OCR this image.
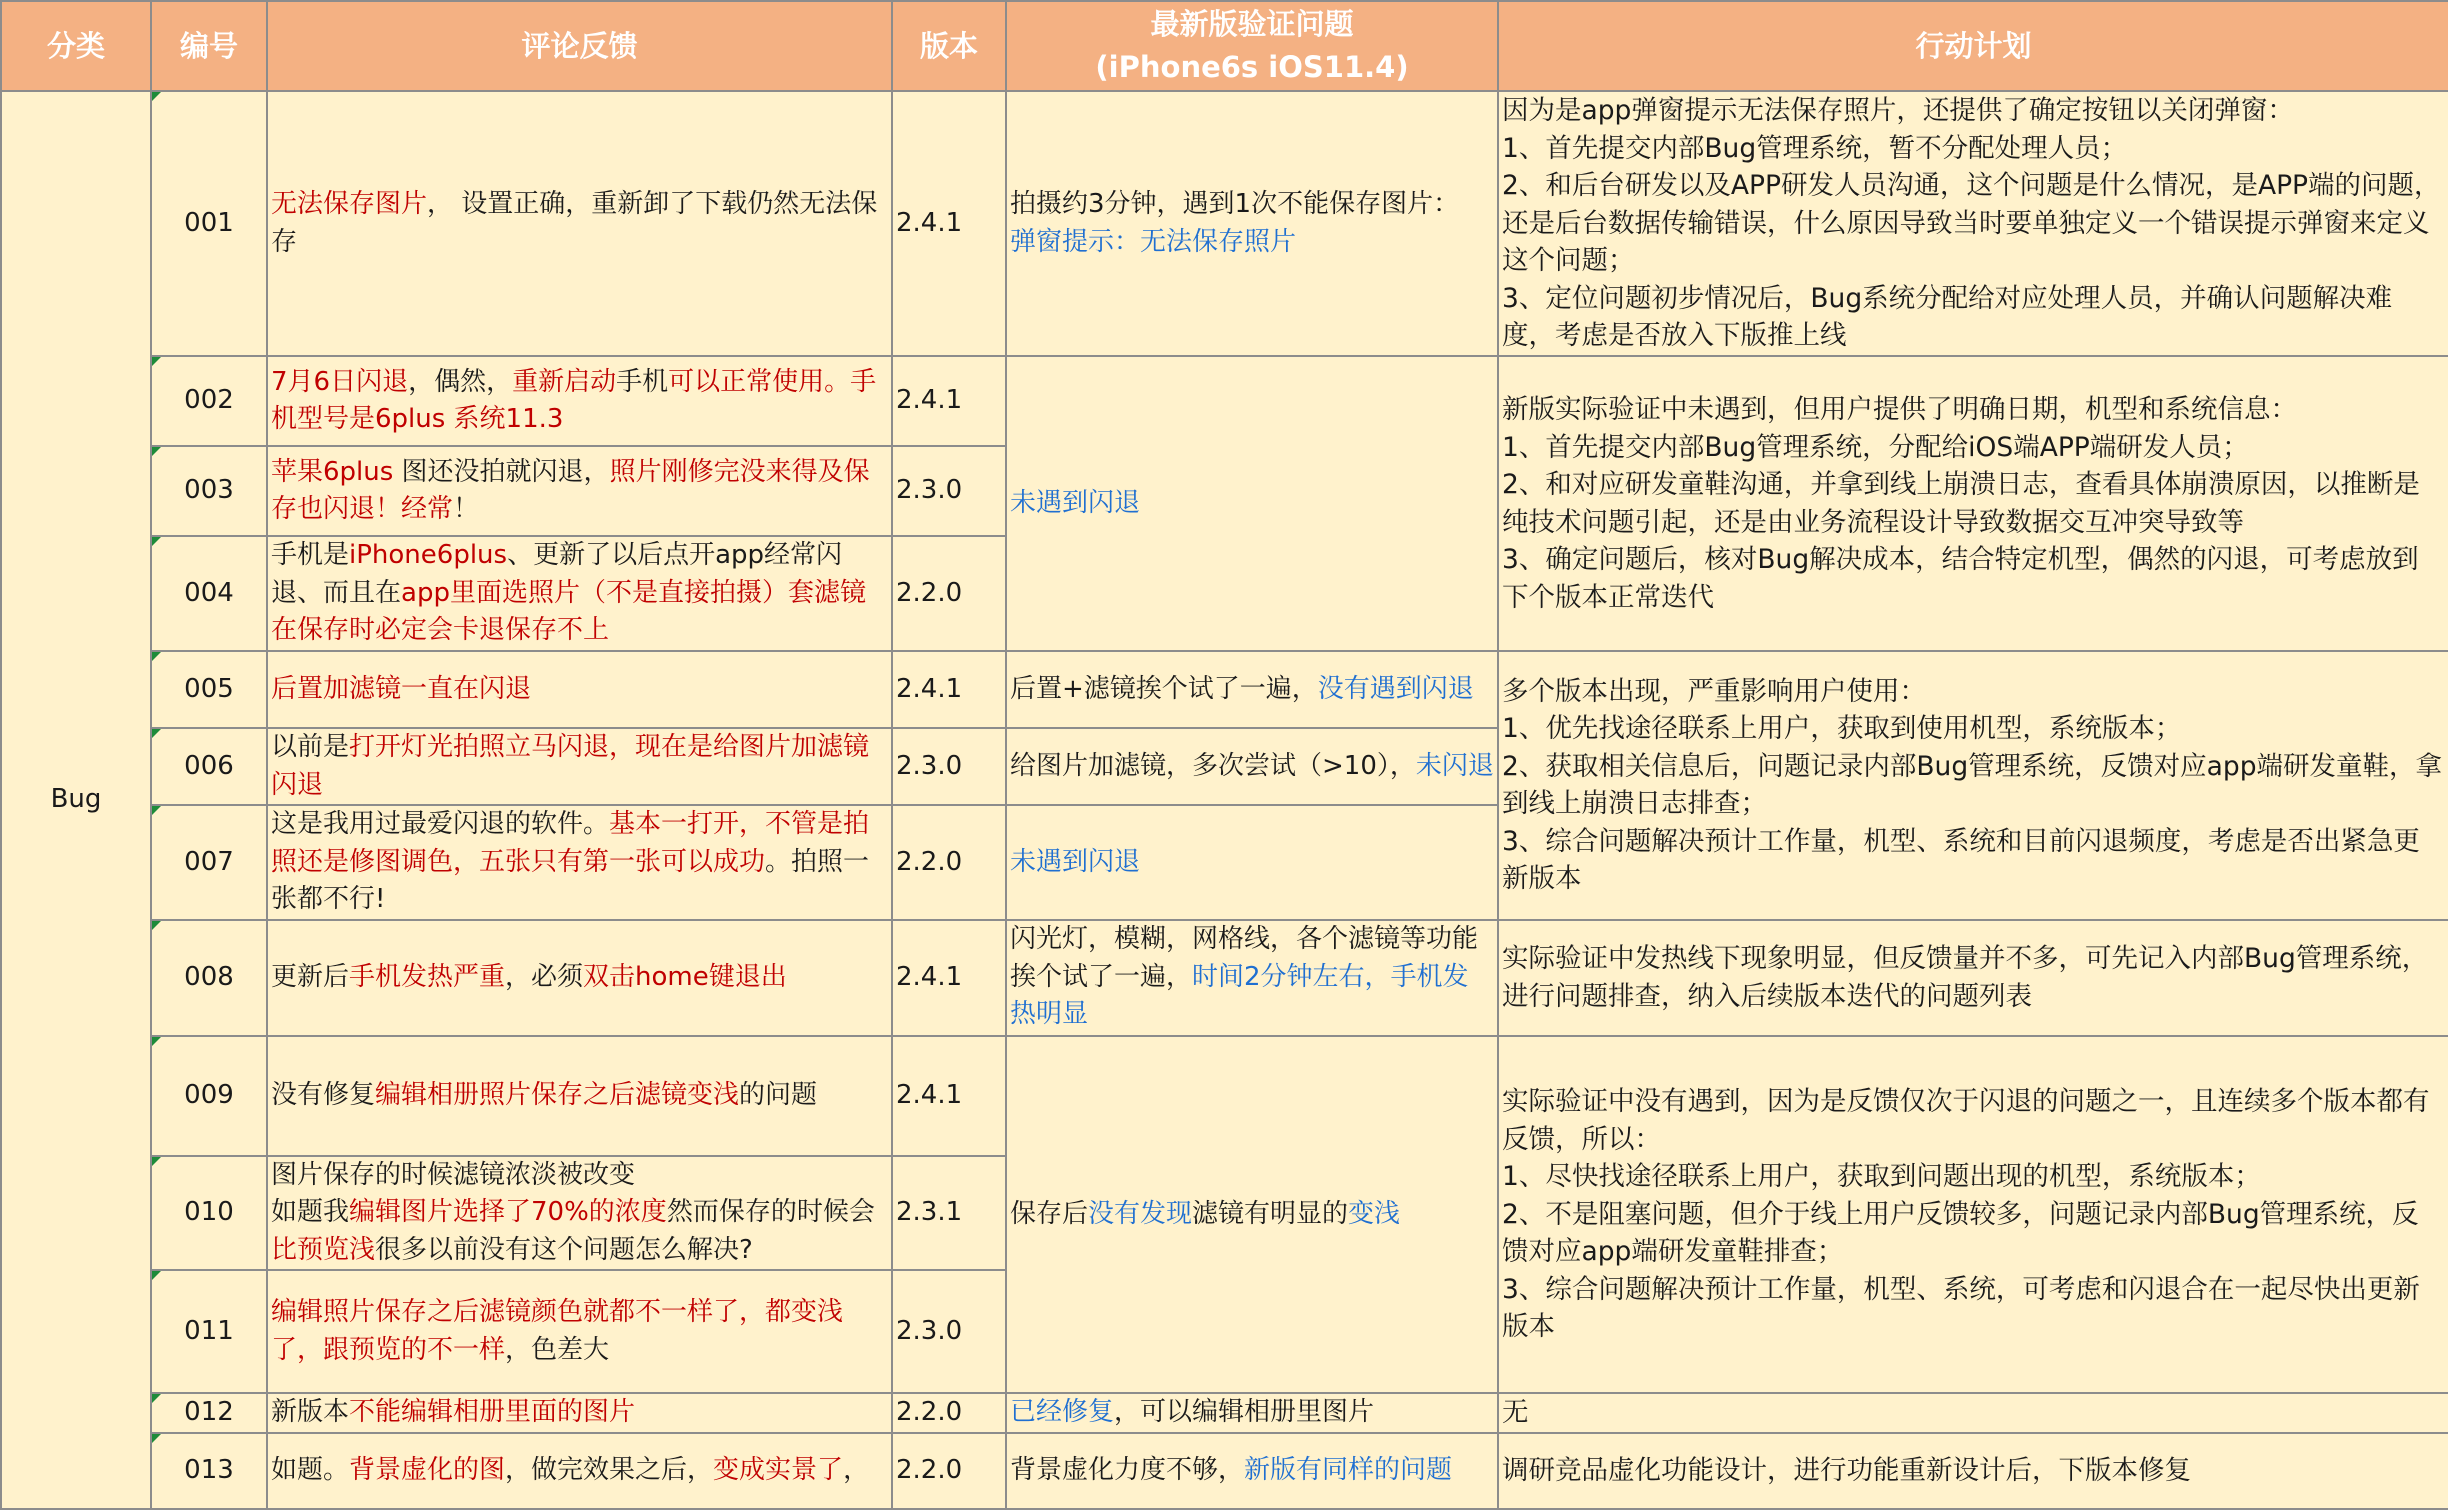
分类	编号	评论反馈	版本	最新版验证问题
(iPhone6s iOS11.4)	行动计划
Bug	001	无法保存图片， 设置正确，重新卸了下载仍然无法保存	2.4.1	拍摄约3分钟，遇到1次不能保存图片：
弹窗提示：无法保存照片	因为是app弹窗提示无法保存照片，还提供了确定按钮以关闭弹窗：
1、首先提交内部Bug管理系统，暂不分配处理人员；
2、和后台研发以及APP研发人员沟通，这个问题是什么情况，是APP端的问题，还是后台数据传输错误，什么原因导致当时要单独定义一个错误提示弹窗来定义这个问题；
3、定位问题初步情况后，Bug系统分配给对应处理人员，并确认问题解决难度，考虑是否放入下版推上线
	002	7月6日闪退，偶然，重新启动手机可以正常使用。手机型号是6plus 系统11.3	2.4.1	未遇到闪退	新版实际验证中未遇到，但用户提供了明确日期，机型和系统信息：
1、首先提交内部Bug管理系统，分配给iOS端APP端研发人员；
2、和对应研发童鞋沟通，并拿到线上崩溃日志，查看具体崩溃原因，以推断是纯技术问题引起，还是由业务流程设计导致数据交互冲突导致等
3、确定问题后，核对Bug解决成本，结合特定机型，偶然的闪退，可考虑放到下个版本正常迭代
	003	苹果6plus 图还没拍就闪退，照片刚修完没来得及保存也闪退！经常！	2.3.0		
	004	手机是iPhone6plus、更新了以后点开app经常闪退、而且在app里面选照片（不是直接拍摄）套滤镜在保存时必定会卡退保存不上	2.2.0		
	005	后置加滤镜一直在闪退	2.4.1	后置+滤镜挨个试了一遍，没有遇到闪退	多个版本出现，严重影响用户使用：
1、优先找途径联系上用户，获取到使用机型，系统版本；
2、获取相关信息后，问题记录内部Bug管理系统，反馈对应app端研发童鞋，拿到线上崩溃日志排查；
3、综合问题解决预计工作量，机型、系统和目前闪退频度，考虑是否出紧急更新版本
	006	以前是打开灯光拍照立马闪退，现在是给图片加滤镜闪退	2.3.0	给图片加滤镜，多次尝试（>10），未闪退	
	007	这是我用过最爱闪退的软件。基本一打开，不管是拍照还是修图调色，五张只有第一张可以成功。拍照一张都不行!	2.2.0	未遇到闪退	
	008	更新后手机发热严重，必须双击home键退出	2.4.1	闪光灯，模糊，网格线，各个滤镜等功能挨个试了一遍，时间2分钟左右，手机发热明显	实际验证中发热线下现象明显，但反馈量并不多，可先记入内部Bug管理系统，进行问题排查，纳入后续版本迭代的问题列表
	009	没有修复编辑相册照片保存之后滤镜变浅的问题	2.4.1	保存后没有发现滤镜有明显的变浅	实际验证中没有遇到，因为是反馈仅次于闪退的问题之一，且连续多个版本都有反馈，所以：
1、尽快找途径联系上用户，获取到问题出现的机型，系统版本；
2、不是阻塞问题，但介于线上用户反馈较多，问题记录内部Bug管理系统，反馈对应app端研发童鞋排查；
3、综合问题解决预计工作量，机型、系统，可考虑和闪退合在一起尽快出更新版本
	010	图片保存的时候滤镜浓淡被改变
如题我编辑图片选择了70%的浓度然而保存的时候会比预览浅很多以前没有这个问题怎么解决?	2.3.1		
	011	编辑照片保存之后滤镜颜色就都不一样了，都变浅了，跟预览的不一样，色差大	2.3.0		
	012	新版本不能编辑相册里面的图片	2.2.0	已经修复，可以编辑相册里图片	无
	013	如题。背景虚化的图，做完效果之后，变成实景了，	2.2.0	背景虚化力度不够，新版有同样的问题	调研竞品虚化功能设计，进行功能重新设计后，下版本修复
